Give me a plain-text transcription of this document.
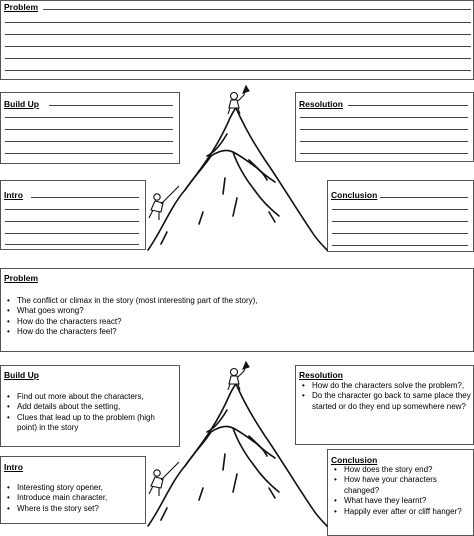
Problem
Build Up	Resolution
Intro	Conclusion
Problem
• The conflict or climax in the story (most interesting part of the story),
• What goes wrong?
• How do the characters react?
• How do the characters feel?
Build Up
• Find out more about the characters,
• Add details about the setting,
• Clues that lead up to the problem (high point) in the story
Resolution
• How do the characters solve the problem?,
• Do the character go back to same place they started or do they end up somewhere new?
Intro
• Interesting story opener,
• Introduce main character,
• Where is the story set?
Conclusion
• How does the story end?
• How have your characters changed?
• What have they learnt?
• Happily ever after or cliff hanger?
